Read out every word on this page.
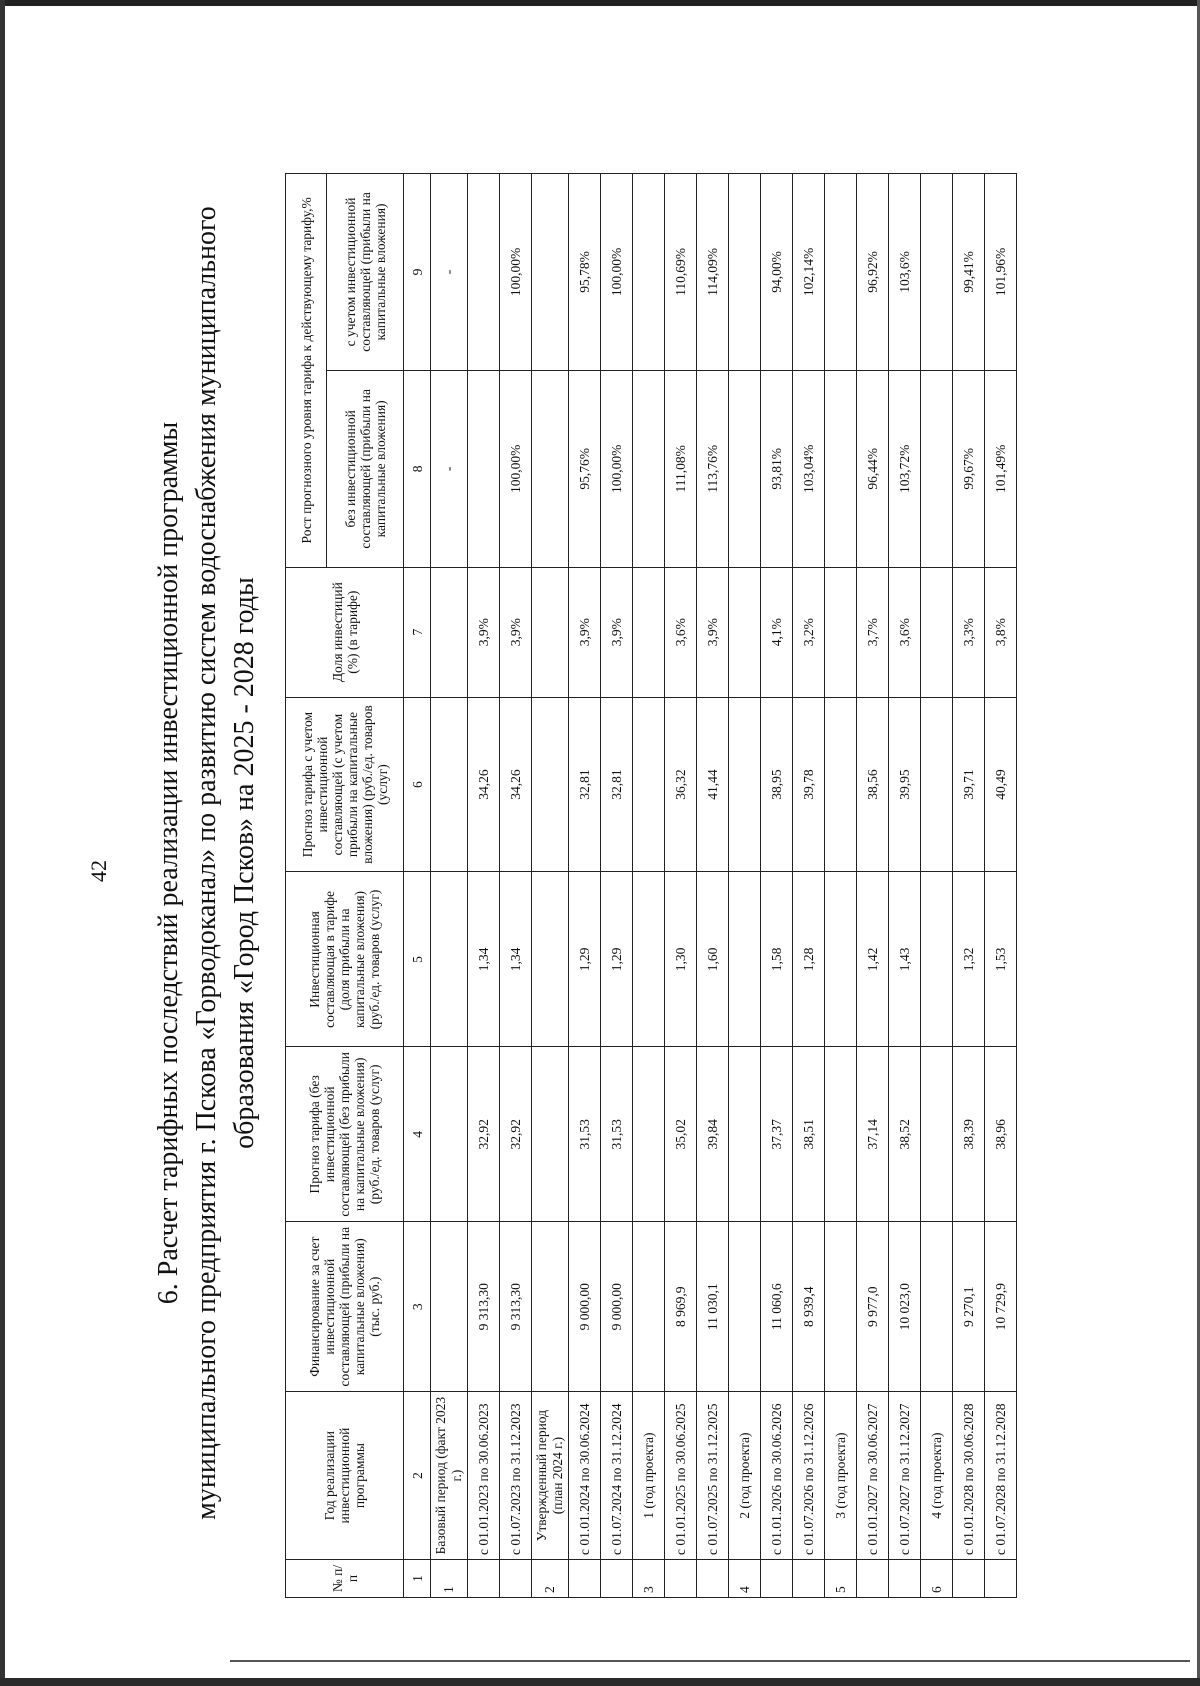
42 6. Расчет тарифных последствий реализации инвестиционной программы муниципального предприятия г. Пскова «Горводоканал» по развитию систем водоснабжения муниципального образования «Город Псков» на 2025 - 2028 годы
№ п/п	Год реализации инвестиционной программы	Финансирование за счет инвестиционной составляющей (прибыли на капитальные вложения) (тыс. руб.)	Прогноз тарифа (без инвестиционной составляющей (без прибыли на капитальные вложения) (руб./ед. товаров (услуг)	Инвестиционная составляющая в тарифе (доля прибыли на капитальные вложения) (руб./ед. товаров (услуг)	Прогноз тарифа с учетом инвестиционной составляющей (с учетом прибыли на капитальные вложения) (руб./ед. товаров (услуг)	Доля инвестиций (%) (в тарифе)	Рост прогнозного уровня тарифа к действующему тарифу,%	
							без инвестиционной составляющей (прибыли на капитальные вложения)	с учетом инвестиционной составляющей (прибыли на капитальные вложения)
1	2	3	4	5	6	7	8	9
1	Базовый период (факт 2023 г.)						-	-
	с 01.01.2023 по 30.06.2023	9 313,30	32,92	1,34	34,26	3,9%		
	с 01.07.2023 по 31.12.2023	9 313,30	32,92	1,34	34,26	3,9%	100,00%	100,00%
2	Утвержденный период (план 2024 г.)							
	с 01.01.2024 по 30.06.2024	9 000,00	31,53	1,29	32,81	3,9%	95,76%	95,78%
	с 01.07.2024 по 31.12.2024	9 000,00	31,53	1,29	32,81	3,9%	100,00%	100,00%
3	1 (год проекта)							
	с 01.01.2025 по 30.06.2025	8 969,9	35,02	1,30	36,32	3,6%	111,08%	110,69%
	с 01.07.2025 по 31.12.2025	11 030,1	39,84	1,60	41,44	3,9%	113,76%	114,09%
4	2 (год проекта)							
	с 01.01.2026 по 30.06.2026	11 060,6	37,37	1,58	38,95	4,1%	93,81%	94,00%
	с 01.07.2026 по 31.12.2026	8 939,4	38,51	1,28	39,78	3,2%	103,04%	102,14%
5	3 (год проекта)							
	с 01.01.2027 по 30.06.2027	9 977,0	37,14	1,42	38,56	3,7%	96,44%	96,92%
	с 01.07.2027 по 31.12.2027	10 023,0	38,52	1,43	39,95	3,6%	103,72%	103,6%
6	4 (год проекта)							
	с 01.01.2028 по 30.06.2028	9 270,1	38,39	1,32	39,71	3,3%	99,67%	99,41%
	с 01.07.2028 по 31.12.2028	10 729,9	38,96	1,53	40,49	3,8%	101,49%	101,96%
